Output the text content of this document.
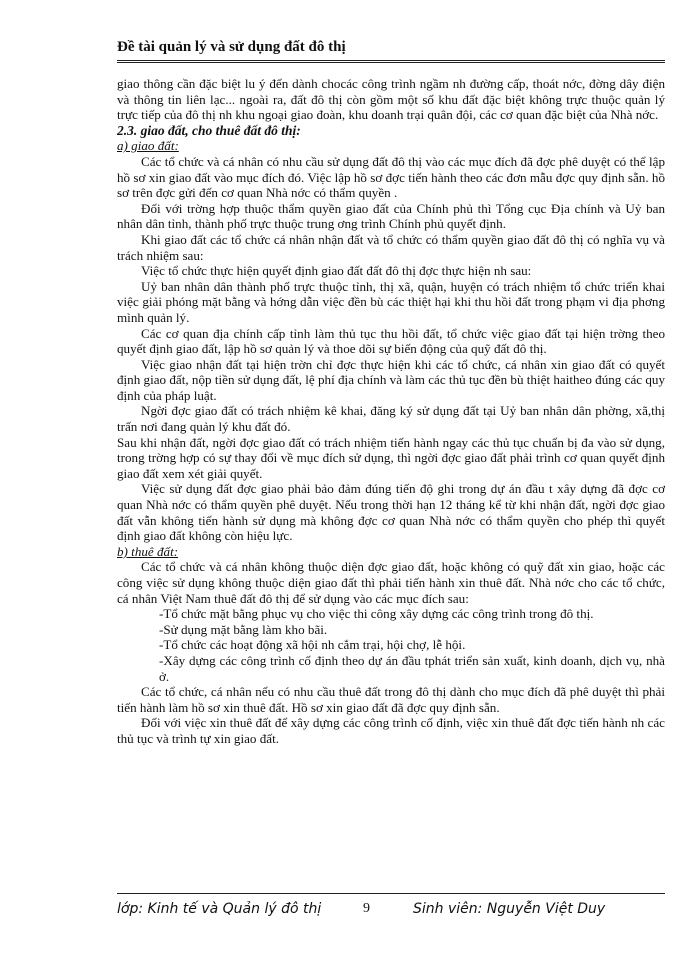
Đề tài quản lý và sử dụng đất đô thị

giao thông cần đặc biệt lu ý đến dành chocác công trình ngầm nh đường cấp, thoát nớc, đờng dây điện và thông tin liên lạc... ngoài ra, đất đô thị còn gồm một số khu đất đặc biệt không trực thuộc quản lý trực tiếp của đô thị nh khu ngoại giao đoàn, khu doanh trại quân đội, các cơ quan đặc biệt của Nhà nớc.

2.3. giao đất, cho thuê đất đô thị:

a) giao đất:

Các tổ chức và cá nhân có nhu cầu sử dụng đất đô thị vào các mục đích đã đợc phê duyệt có thể lập hồ sơ xin giao đất vào mục đích đó. Việc lập hồ sơ đợc tiến hành theo các đơn mẫu đợc quy định sẵn. hồ sơ trên đợc gửi đến cơ quan Nhà nớc có thẩm quyền .

Đối với trờng hợp thuộc thẩm quyền giao đất của Chính phủ thì Tổng cục Địa chính và Uỷ ban nhân dân tỉnh, thành phố trực thuộc trung ơng trình Chính phủ quyết định.

Khi giao đất các tổ chức cá nhân nhận đất và tổ chức có thẩm quyền giao đất đô thị có nghĩa vụ và trách nhiệm sau:

Việc tổ chức thực hiện quyết định giao đất đất đô thị đợc thực hiện nh sau:

Uỷ ban nhân dân thành phố trực thuộc tỉnh, thị xã, quận, huyện có trách nhiệm tổ chức triển khai việc giải phóng mặt bằng và hớng dẫn việc đền bù các thiệt hại khi thu hồi đất trong phạm vi địa phơng mình quản lý.

Các cơ quan địa chính cấp tỉnh làm thủ tục thu hồi đất, tổ chức việc giao đất tại hiện trờng theo quyết định giao đất, lập hồ sơ quản lý và thoe dõi sự biến động của quỹ đất đô thị.

Việc giao nhận đất tại hiện trờn chỉ đợc thực hiện khi các tổ chức, cá nhân xin giao đất có quyết định giao đất, nộp tiền sử dụng đất, lệ phí địa chính và làm các thủ tục đền bù thiệt haitheo đúng các quy định của pháp luật.

Ngời đợc giao đất có trách nhiệm kê khai, đăng ký sử dụng đất tại Uỷ ban nhân dân phờng, xã,thị trấn nơi đang quản lý khu đất đó.

Sau khi nhận đất, ngời đợc giao đất có trách nhiệm tiến hành ngay các thủ tục chuẩn bị đa vào sử dụng, trong trờng hợp có sự thay đổi về mục đích sử dụng, thì ngời đợc giao đất phải trình cơ quan quyết định giao đất xem xét giải quyết.

Việc sử dụng đất đợc giao phải bảo đảm đúng tiến độ ghi trong dự án đầu t xây dựng đã đợc cơ quan Nhà nớc có thẩm quyền phê duyệt. Nếu trong thời hạn 12 tháng kể từ khi nhận đất, ngời đợc giao đất vẫn không tiến hành sử dụng mà không đợc cơ quan Nhà nớc có thẩm quyền cho phép thì quyết định giao đất không còn hiệu lực.

b) thuê đất:

Các tổ chức và cá nhân không thuộc diện đợc giao đất, hoặc không có quỹ đất xin giao, hoặc các công việc sử dụng không thuộc diện giao đất thì phải tiến hành xin thuê đất. Nhà nớc cho các tổ chức, cá nhân Việt Nam thuê đất đô thị để sử dụng vào các mục đích sau:

-Tổ chức mặt bằng phục vụ cho việc thi công xây dựng các công trình trong đô thị.

-Sử dụng mặt bằng làm kho bãi.

-Tổ chức các hoạt động xã hội nh cắm trại, hội chợ, lễ hội.

-Xây dựng các công trình cố định theo dự án đầu tphát triển sản xuất, kinh doanh, dịch vụ, nhà ở.

Các tổ chức, cá nhân nếu có nhu cầu thuê đất trong đô thị dành cho mục đích đã phê duyệt thì phải tiến hành làm hồ sơ xin thuê đất. Hồ sơ xin giao đất đã đợc quy định sẵn.

Đối với việc xin thuê đất để xây dựng các công trình cố định, việc xin thuê đất đợc tiến hành nh các thủ tục và trình tự xin giao đất.

lớp: Kinh tế và Quản lý đô thị	9	Sinh viên: Nguyễn Việt Duy
